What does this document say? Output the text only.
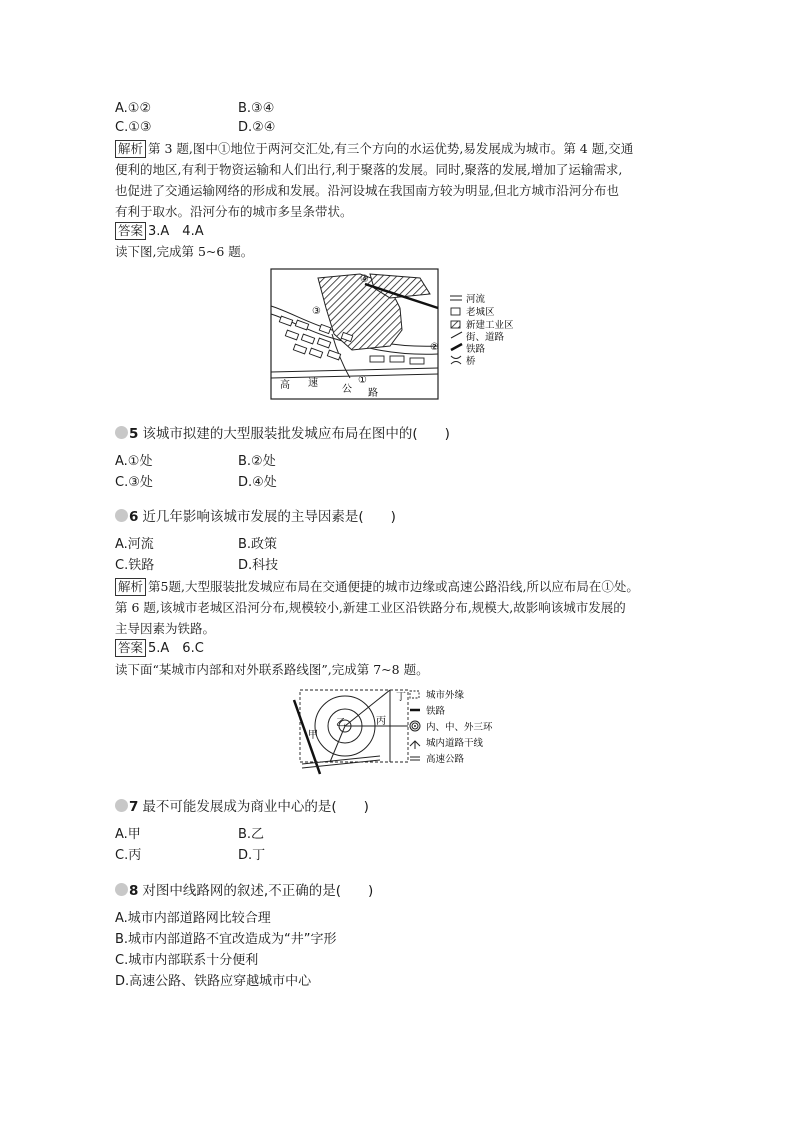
A.①②	B.③④
C.①③	D.②④
解析 第 3 题,图中①地位于两河交汇处,有三个方向的水运优势,易发展成为城市。第 4 题,交通
便利的地区,有利于物资运输和人们出行,利于聚落的发展。同时,聚落的发展,增加了运输需求,
也促进了交通运输网络的形成和发展。沿河设城在我国南方较为明显,但北方城市沿河分布也
有利于取水。沿河分布的城市多呈条带状。
答案 3.A　4.A
读下图,完成第 5~6 题。
①
②
③
④
高 速
公 路
河流
老城区
新建工业区
街、道路
铁路
桥
5 该城市拟建的大型服装批发城应布局在图中的(　　)
A.①处	B.②处
C.③处	D.④处
6 近几年影响该城市发展的主导因素是(　　)
A.河流	B.政策
C.铁路	D.科技
解析 第5题,大型服装批发城应布局在交通便捷的城市边缘或高速公路沿线,所以应布局在①处。
第 6 题,该城市老城区沿河分布,规模较小,新建工业区沿铁路分布,规模大,故影响该城市发展的
主导因素为铁路。
答案 5.A　6.C
读下面“某城市内部和对外联系路线图”,完成第 7~8 题。
甲
乙	丙
丁 城市外缘
铁路
内、中、外三环
城内道路干线
高速公路
7 最不可能发展成为商业中心的是(　　)
A.甲	B.乙
C.丙	D.丁
8 对图中线路网的叙述,不正确的是(　　)
A.城市内部道路网比较合理
B.城市内部道路不宜改造成为“井”字形
C.城市内部联系十分便利
D.高速公路、铁路应穿越城市中心
